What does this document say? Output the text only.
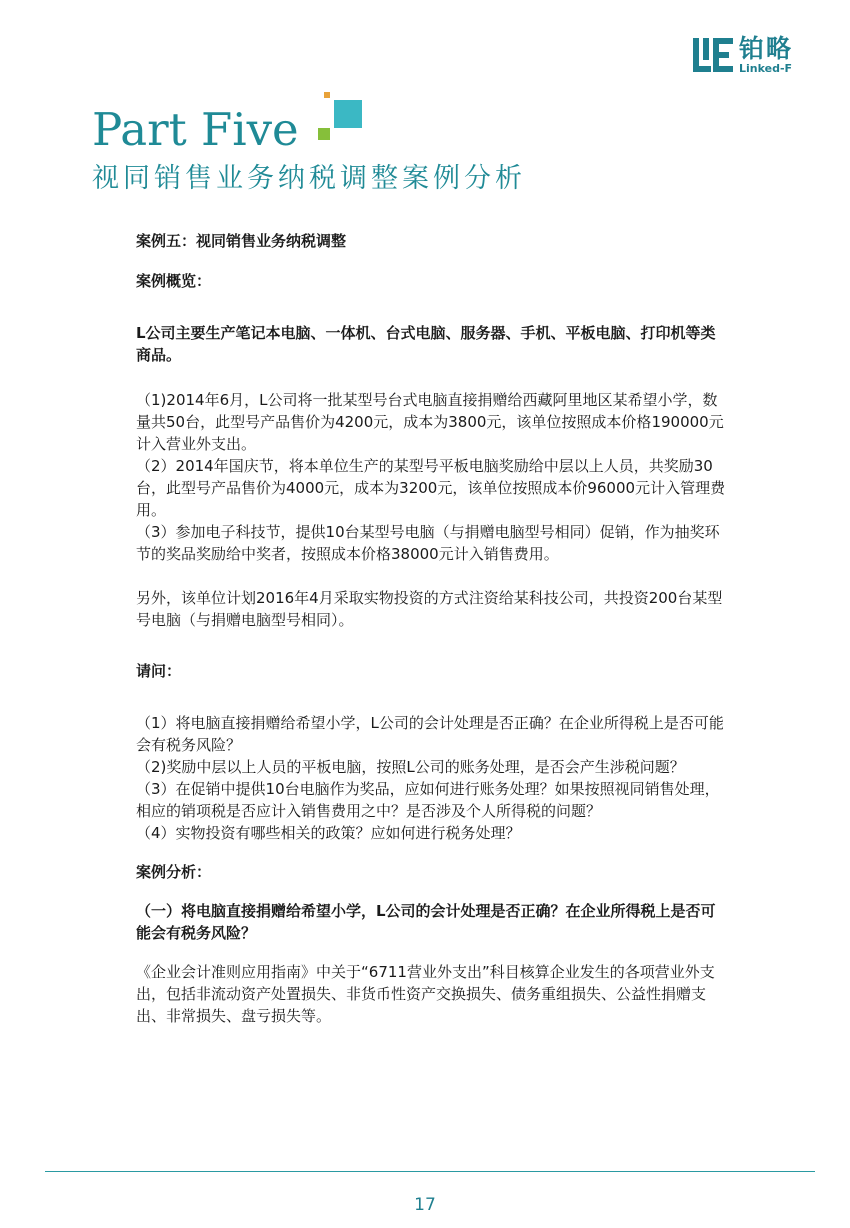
铂略
Linked-F
Part Five
视同销售业务纳税调整案例分析

案例五：视同销售业务纳税调整

案例概览：

L公司主要生产笔记本电脑、一体机、台式电脑、服务器、手机、平板电脑、打印机等类商品。

（1)2014年6月，L公司将一批某型号台式电脑直接捐赠给西藏阿里地区某希望小学，数量共50台，此型号产品售价为4200元，成本为3800元，该单位按照成本价格190000元计入营业外支出。

（2）2014年国庆节，将本单位生产的某型号平板电脑奖励给中层以上人员，共奖励30台，此型号产品售价为4000元，成本为3200元，该单位按照成本价96000元计入管理费用。

（3）参加电子科技节，提供10台某型号电脑（与捐赠电脑型号相同）促销，作为抽奖环节的奖品奖励给中奖者，按照成本价格38000元计入销售费用。

另外，该单位计划2016年4月采取实物投资的方式注资给某科技公司，共投资200台某型号电脑（与捐赠电脑型号相同）。

请问：

（1）将电脑直接捐赠给希望小学，L公司的会计处理是否正确？在企业所得税上是否可能会有税务风险？

（2)奖励中层以上人员的平板电脑，按照L公司的账务处理，是否会产生涉税问题？

（3）在促销中提供10台电脑作为奖品，应如何进行账务处理？如果按照视同销售处理，相应的销项税是否应计入销售费用之中？是否涉及个人所得税的问题？

（4）实物投资有哪些相关的政策？应如何进行税务处理？

案例分析：

（一）将电脑直接捐赠给希望小学，L公司的会计处理是否正确？在企业所得税上是否可能会有税务风险？

《企业会计准则应用指南》中关于“6711营业外支出”科目核算企业发生的各项营业外支出，包括非流动资产处置损失、非货币性资产交换损失、债务重组损失、公益性捐赠支出、非常损失、盘亏损失等。

17
